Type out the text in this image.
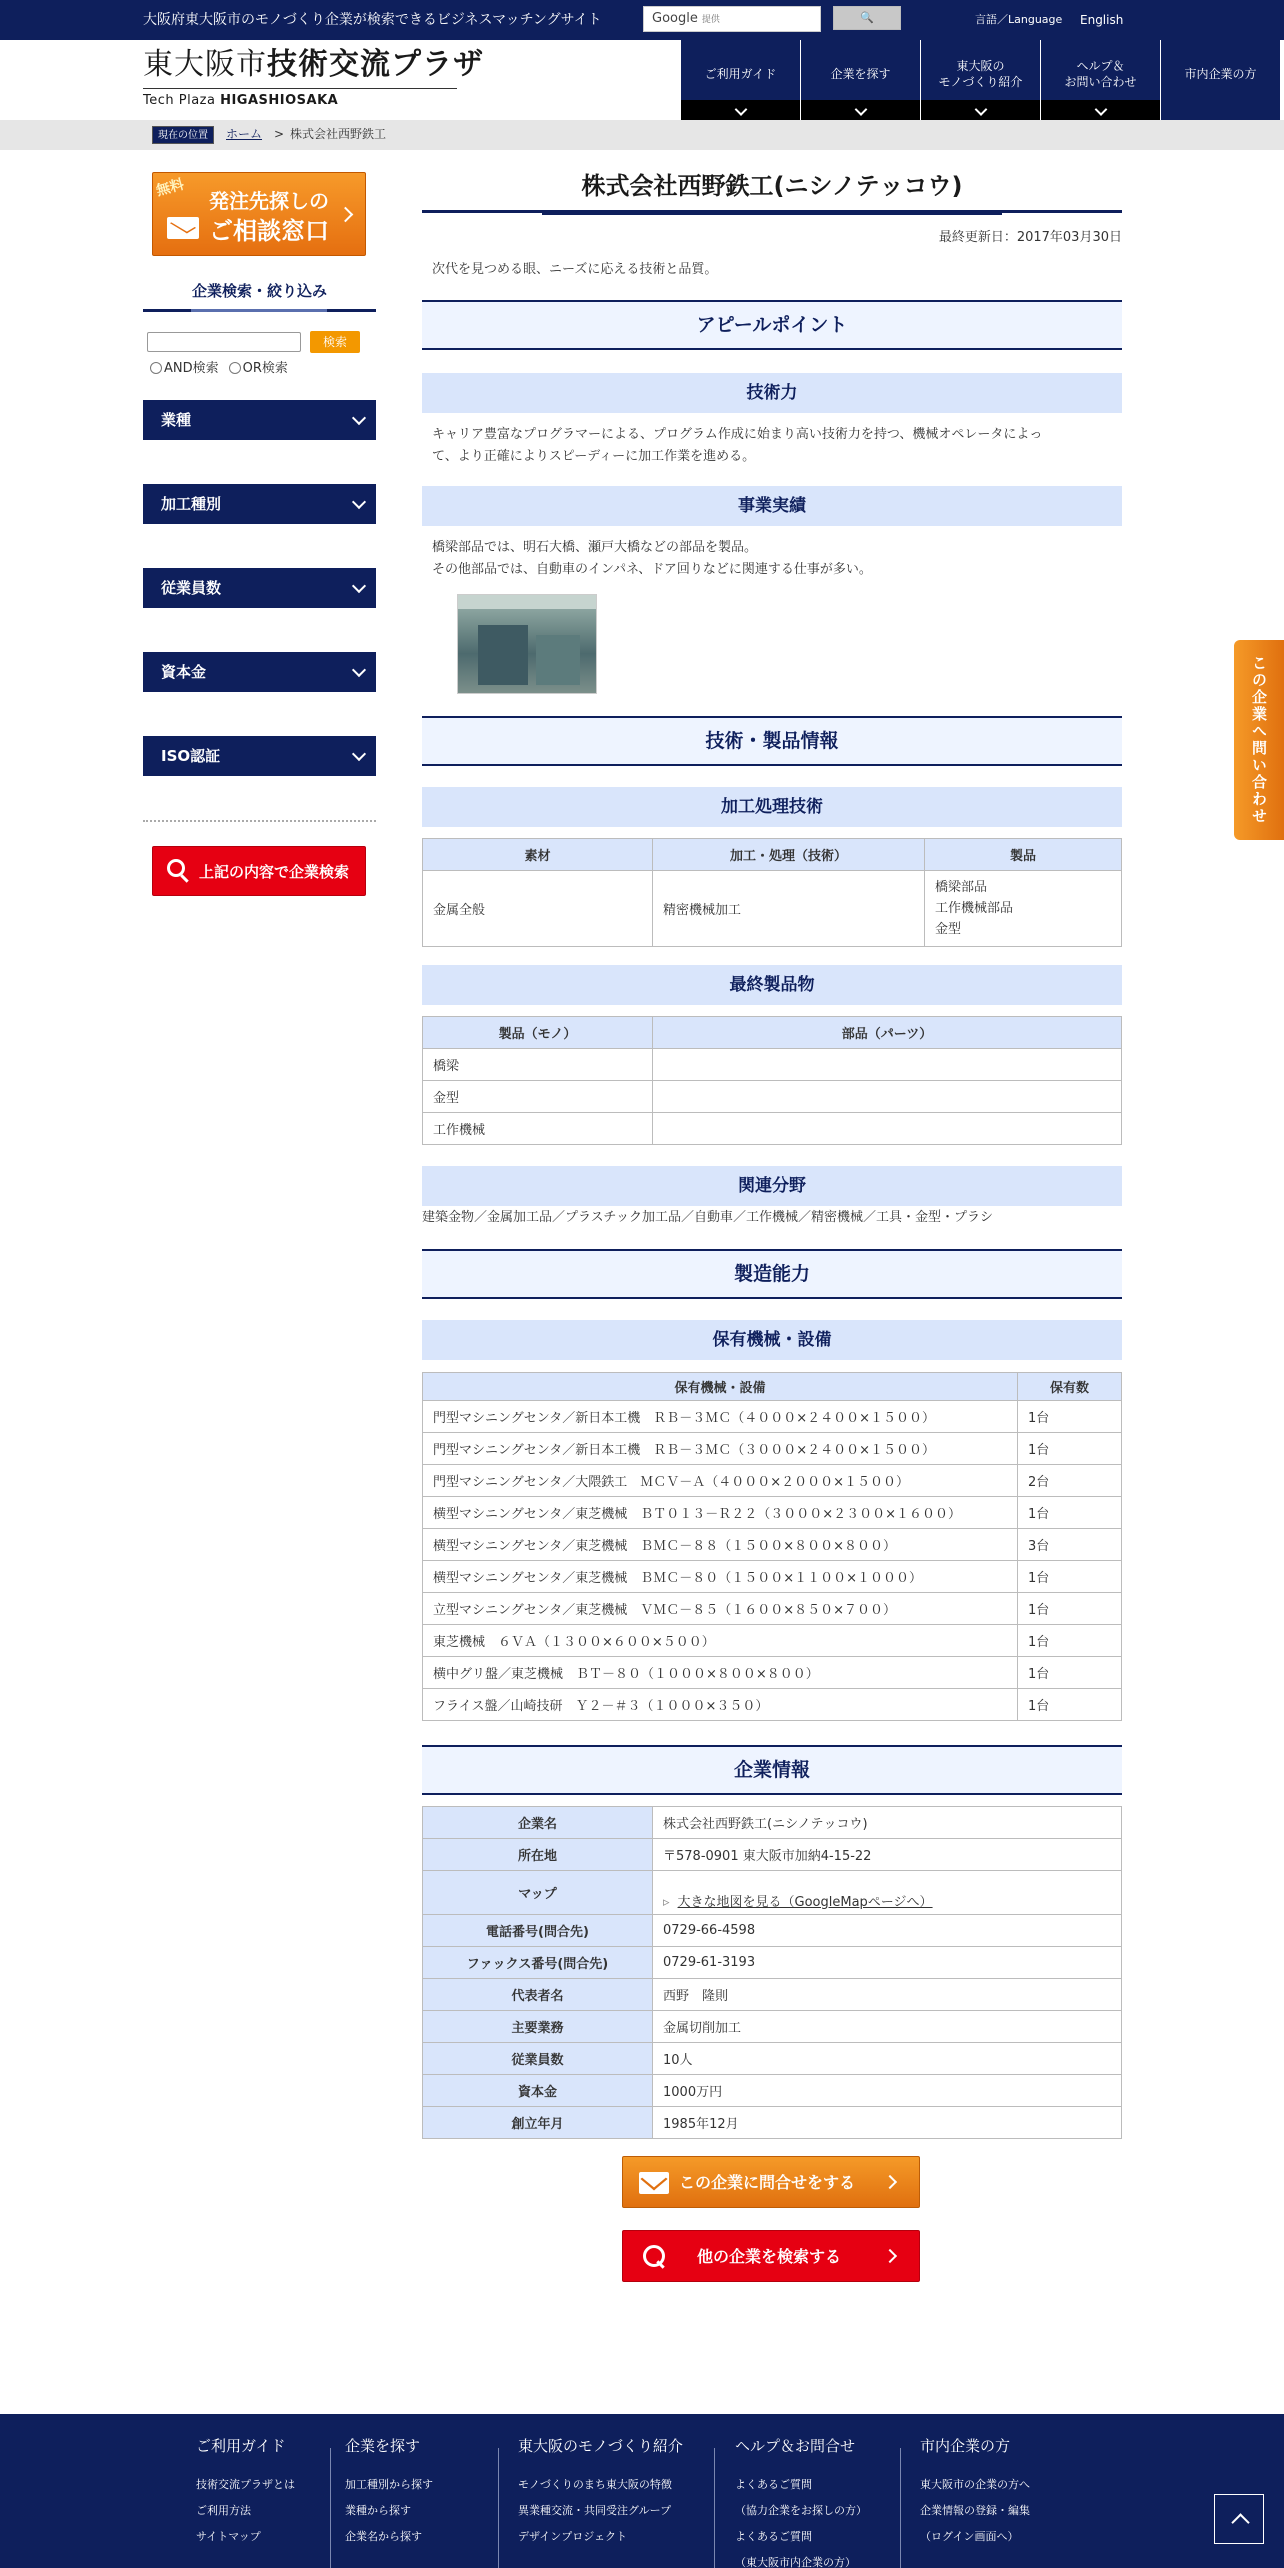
大阪府東大阪市のモノづくり企業が検索できるビジネスマッチングサイト	Google 提供	🔍	言語／Language English
東大阪市技術交流プラザ
Tech Plaza HIGASHIOSAKA
ご利用ガイド	企業を探す
東大阪の
モノづくり紹介
ヘルプ＆
お問い合わせ
市内企業の方
現在の位置	ホーム > 株式会社西野鉄工
無料
発注先探しの
ご相談窓口
企業検索・絞り込み
検索
AND検索	OR検索
業種
加工種別
従業員数
資本金
ISO認証
上記の内容で企業検索
株式会社西野鉄工(ニシノテッコウ)
最終更新日：2017年03月30日
次代を見つめる眼、ニーズに応える技術と品質。
アピールポイント
技術力
キャリア豊富なプログラマーによる、プログラム作成に始まり高い技術力を持つ、機械オペレータによっ
て、より正確によりスピーディーに加工作業を進める。
事業実績
橋梁部品では、明石大橋、瀬戸大橋などの部品を製品。
その他部品では、自動車のインパネ、ドア回りなどに関連する仕事が多い。
技術・製品情報
加工処理技術
素材	加工・処理（技術）	製品
金属全般	精密機械加工	橋梁部品
工作機械部品
金型
最終製品物
製品（モノ）	部品（パーツ）
橋梁	
金型	
工作機械	
関連分野
建築金物／金属加工品／プラスチック加工品／自動車／工作機械／精密機械／工具・金型・プラシ
製造能力
保有機械・設備
保有機械・設備	保有数
門型マシニングセンタ／新日本工機　ＲＢ－３ＭＣ（４０００×２４００×１５００）	1台
門型マシニングセンタ／新日本工機　ＲＢ－３ＭＣ（３０００×２４００×１５００）	1台
門型マシニングセンタ／大隈鉄工　ＭＣＶ－Ａ（４０００×２０００×１５００）	2台
横型マシニングセンタ／東芝機械　ＢＴ０１３－Ｒ２２（３０００×２３００×１６００）	1台
横型マシニングセンタ／東芝機械　ＢＭＣ－８８（１５００×８００×８００）	3台
横型マシニングセンタ／東芝機械　ＢＭＣ－８０（１５００×１１００×１０００）	1台
立型マシニングセンタ／東芝機械　ＶＭＣ－８５（１６００×８５０×７００）	1台
東芝機械　６ＶＡ（１３００×６００×５００）	1台
横中グリ盤／東芝機械　ＢＴ－８０（１０００×８００×８００）	1台
フライス盤／山崎技研　Ｙ２－＃３（１０００×３５０）	1台
企業情報
企業名	株式会社西野鉄工(ニシノテッコウ)
所在地	〒578-0901 東大阪市加納4-15-22
マップ	▹ 大きな地図を見る（GoogleMapページへ）
電話番号(問合先)	0729-66-4598
ファックス番号(問合先)	0729-61-3193
代表者名	西野　隆則
主要業務	金属切削加工
従業員数	10人
資本金	1000万円
創立年月	1985年12月
この企業に問合せをする
他の企業を検索する
この企業へ問い合わせ
ご利用ガイド
技術交流プラザとは
ご利用方法
サイトマップ
企業を探す
加工種別から探す
業種から探す
企業名から探す
東大阪のモノづくり紹介
モノづくりのまち東大阪の特徴
異業種交流・共同受注グループ
デザインプロジェクト
ヘルプ＆お問合せ
よくあるご質問
（協力企業をお探しの方）
よくあるご質問
（東大阪市内企業の方）
市内企業の方
東大阪市の企業の方へ
企業情報の登録・編集
（ログイン画面へ）
